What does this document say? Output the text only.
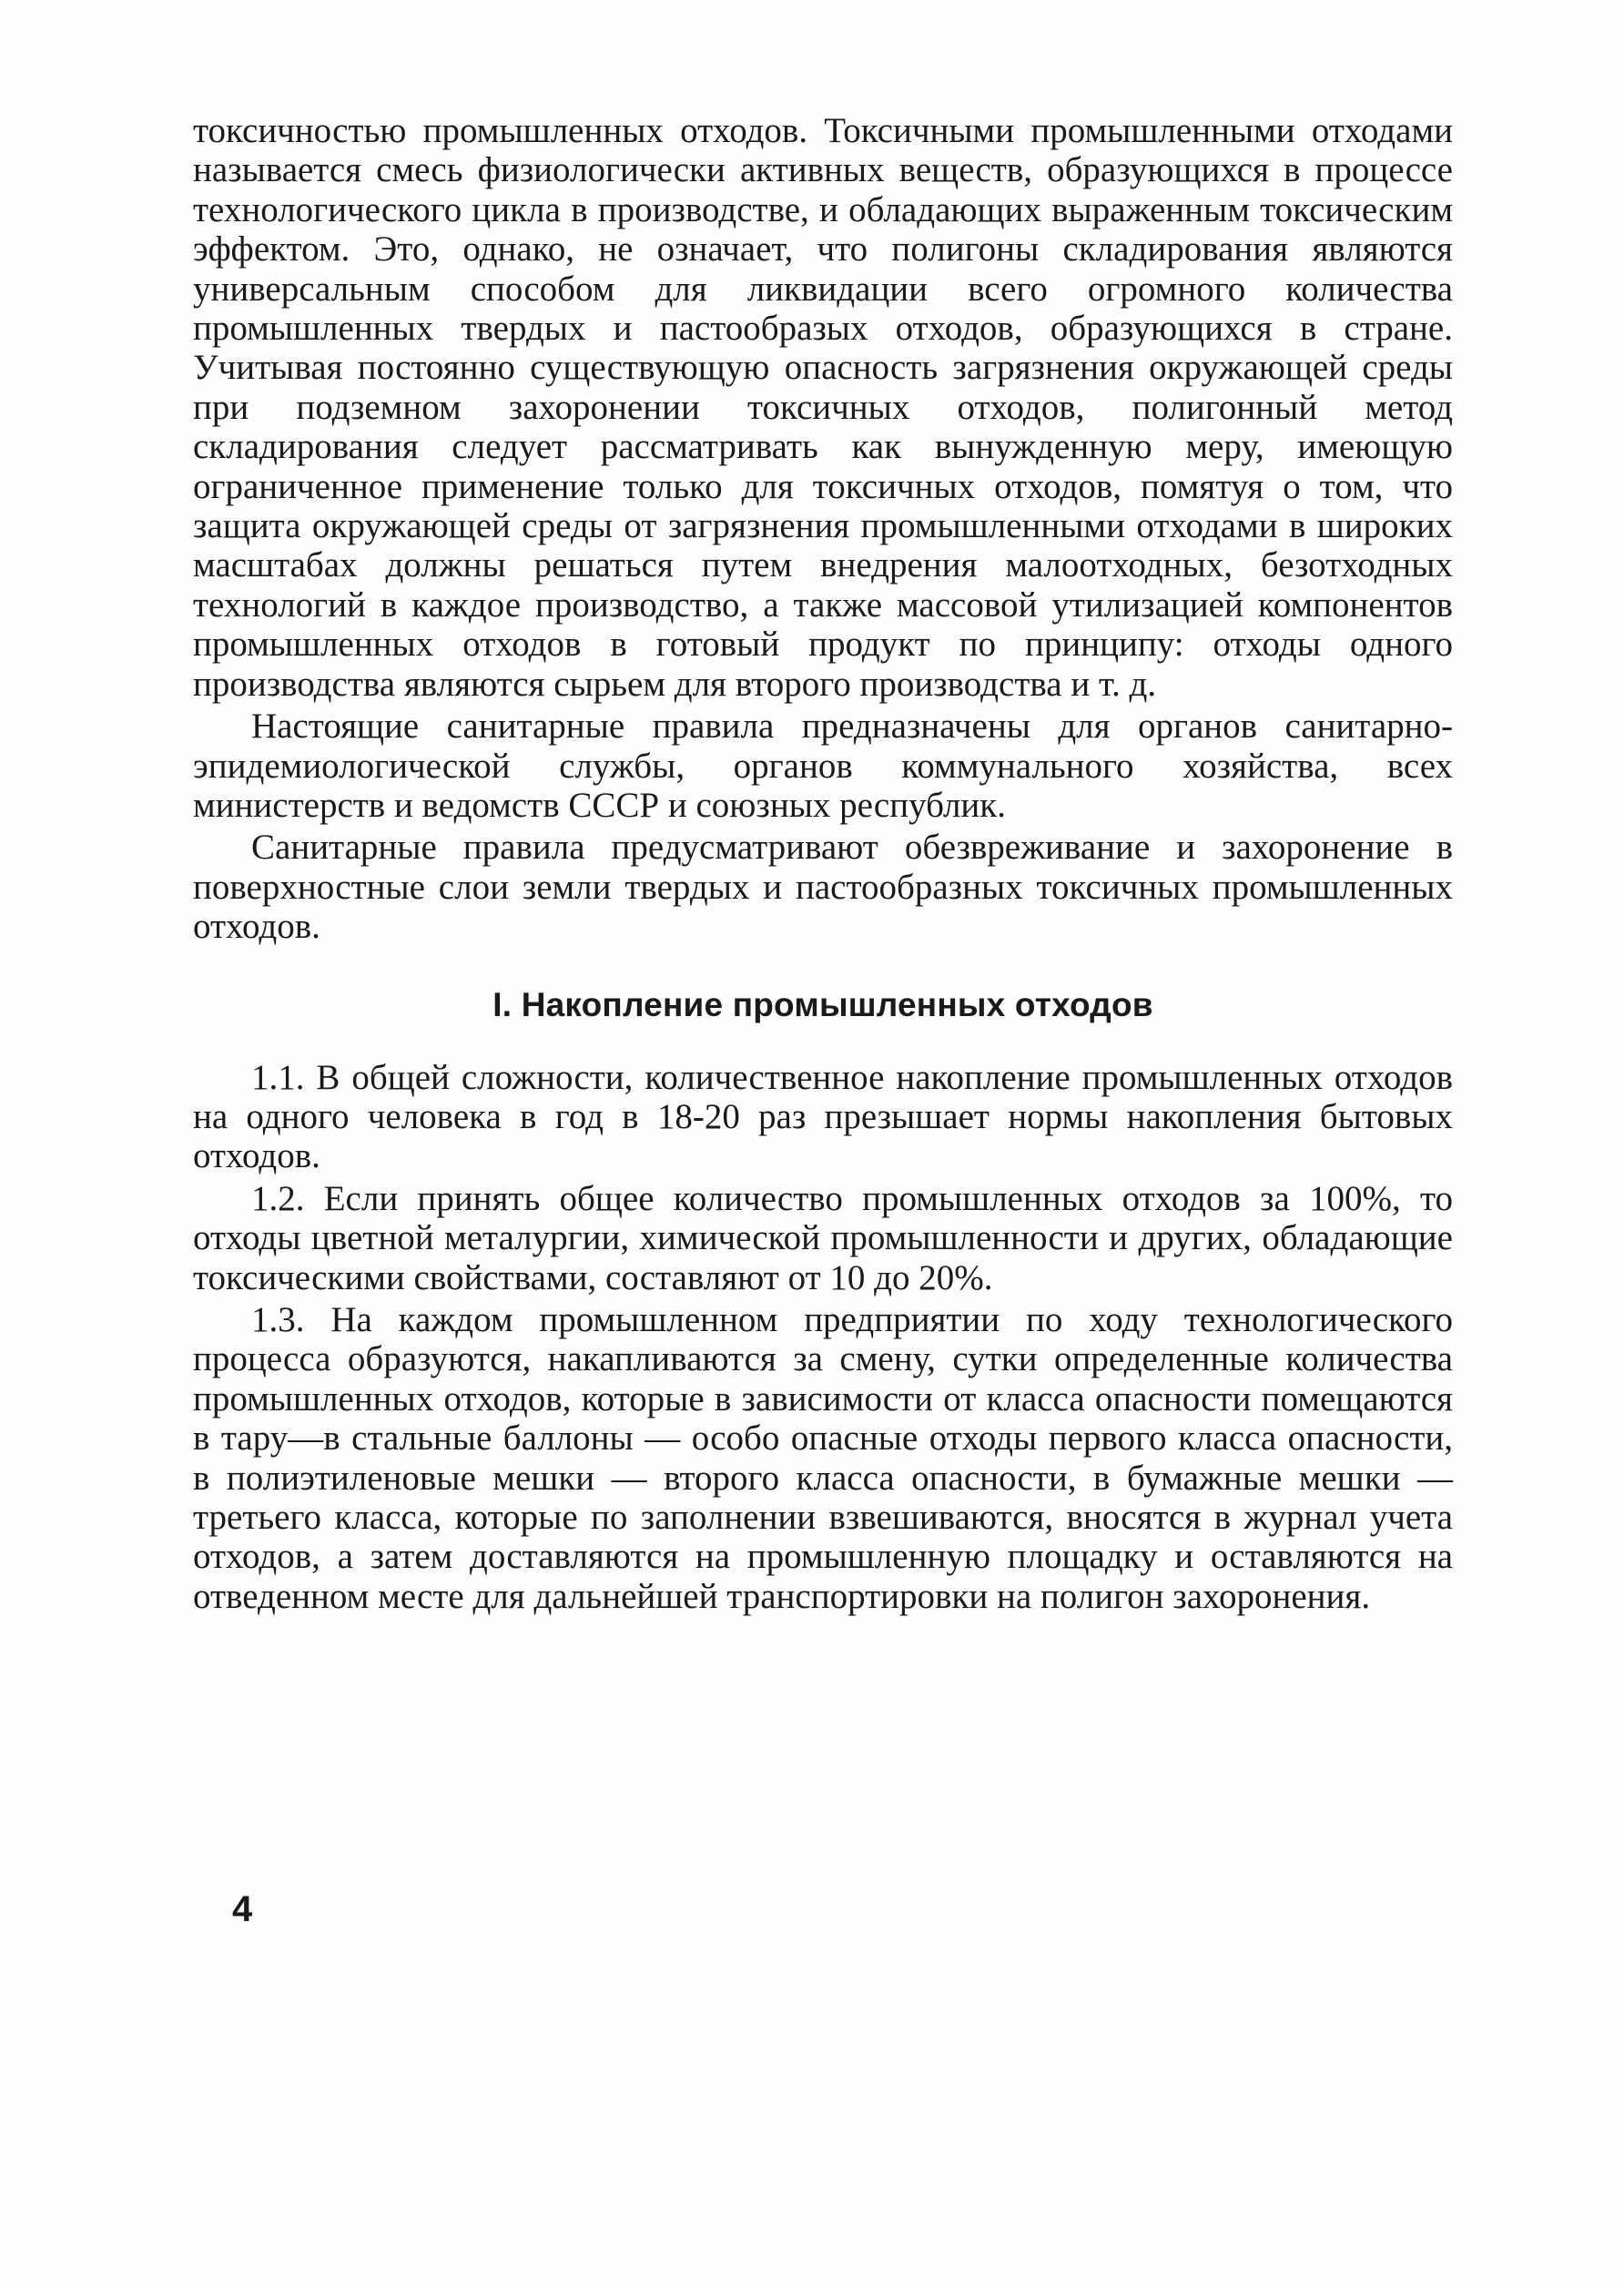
токсичностью промышленных отходов. Токсичными промышленными отходами называется смесь физиологически активных веществ, образующихся в процессе технологического цикла в производстве, и обладающих выраженным токсическим эффектом. Это, однако, не означает, что полигоны складирования являются универсальным способом для ликвидации всего огромного количества промышленных твердых и пастообразых отходов, образующихся в стране. Учитывая постоянно существующую опасность загрязнения окружающей среды при подземном захоронении токсичных отходов, полигонный метод складирования следует рассматривать как вынужденную меру, имеющую ограниченное применение только для токсичных отходов, помятуя о том, что защита окружающей среды от загрязнения промышленными отходами в широких масштабах должны решаться путем внедрения малоотходных, безотходных технологий в каждое производство, а также массовой утилизацией компонентов промышленных отходов в готовый продукт по принципу: отходы одного производства являются сырьем для второго производства и т. д.

Настоящие санитарные правила предназначены для органов санитарно-эпидемиологической службы, органов коммунального хозяйства, всех министерств и ведомств СССР и союзных республик.

Санитарные правила предусматривают обезвреживание и захоронение в поверхностные слои земли твердых и пастообразных токсичных промышленных отходов.

I. Накопление промышленных отходов

1.1. В общей сложности, количественное накопление промышленных отходов на одного человека в год в 18-20 раз презышает нормы накопления бытовых отходов.

1.2. Если принять общее количество промышленных отходов за 100%, то отходы цветной металургии, химической промышленности и других, обладающие токсическими свойствами, составляют от 10 до 20%.

1.3. На каждом промышленном предприятии по ходу технологического процесса образуются, накапливаются за смену, сутки определенные количества промышленных отходов, которые в зависимости от класса опасности помещаются в тару—в стальные баллоны — особо опасные отходы первого класса опасности, в полиэтиленовые мешки — второго класса опасности, в бумажные мешки — третьего класса, которые по заполнении взвешиваются, вносятся в журнал учета отходов, а затем доставляются на промышленную площадку и оставляются на отведенном месте для дальнейшей транспортировки на полигон захоронения.

4
